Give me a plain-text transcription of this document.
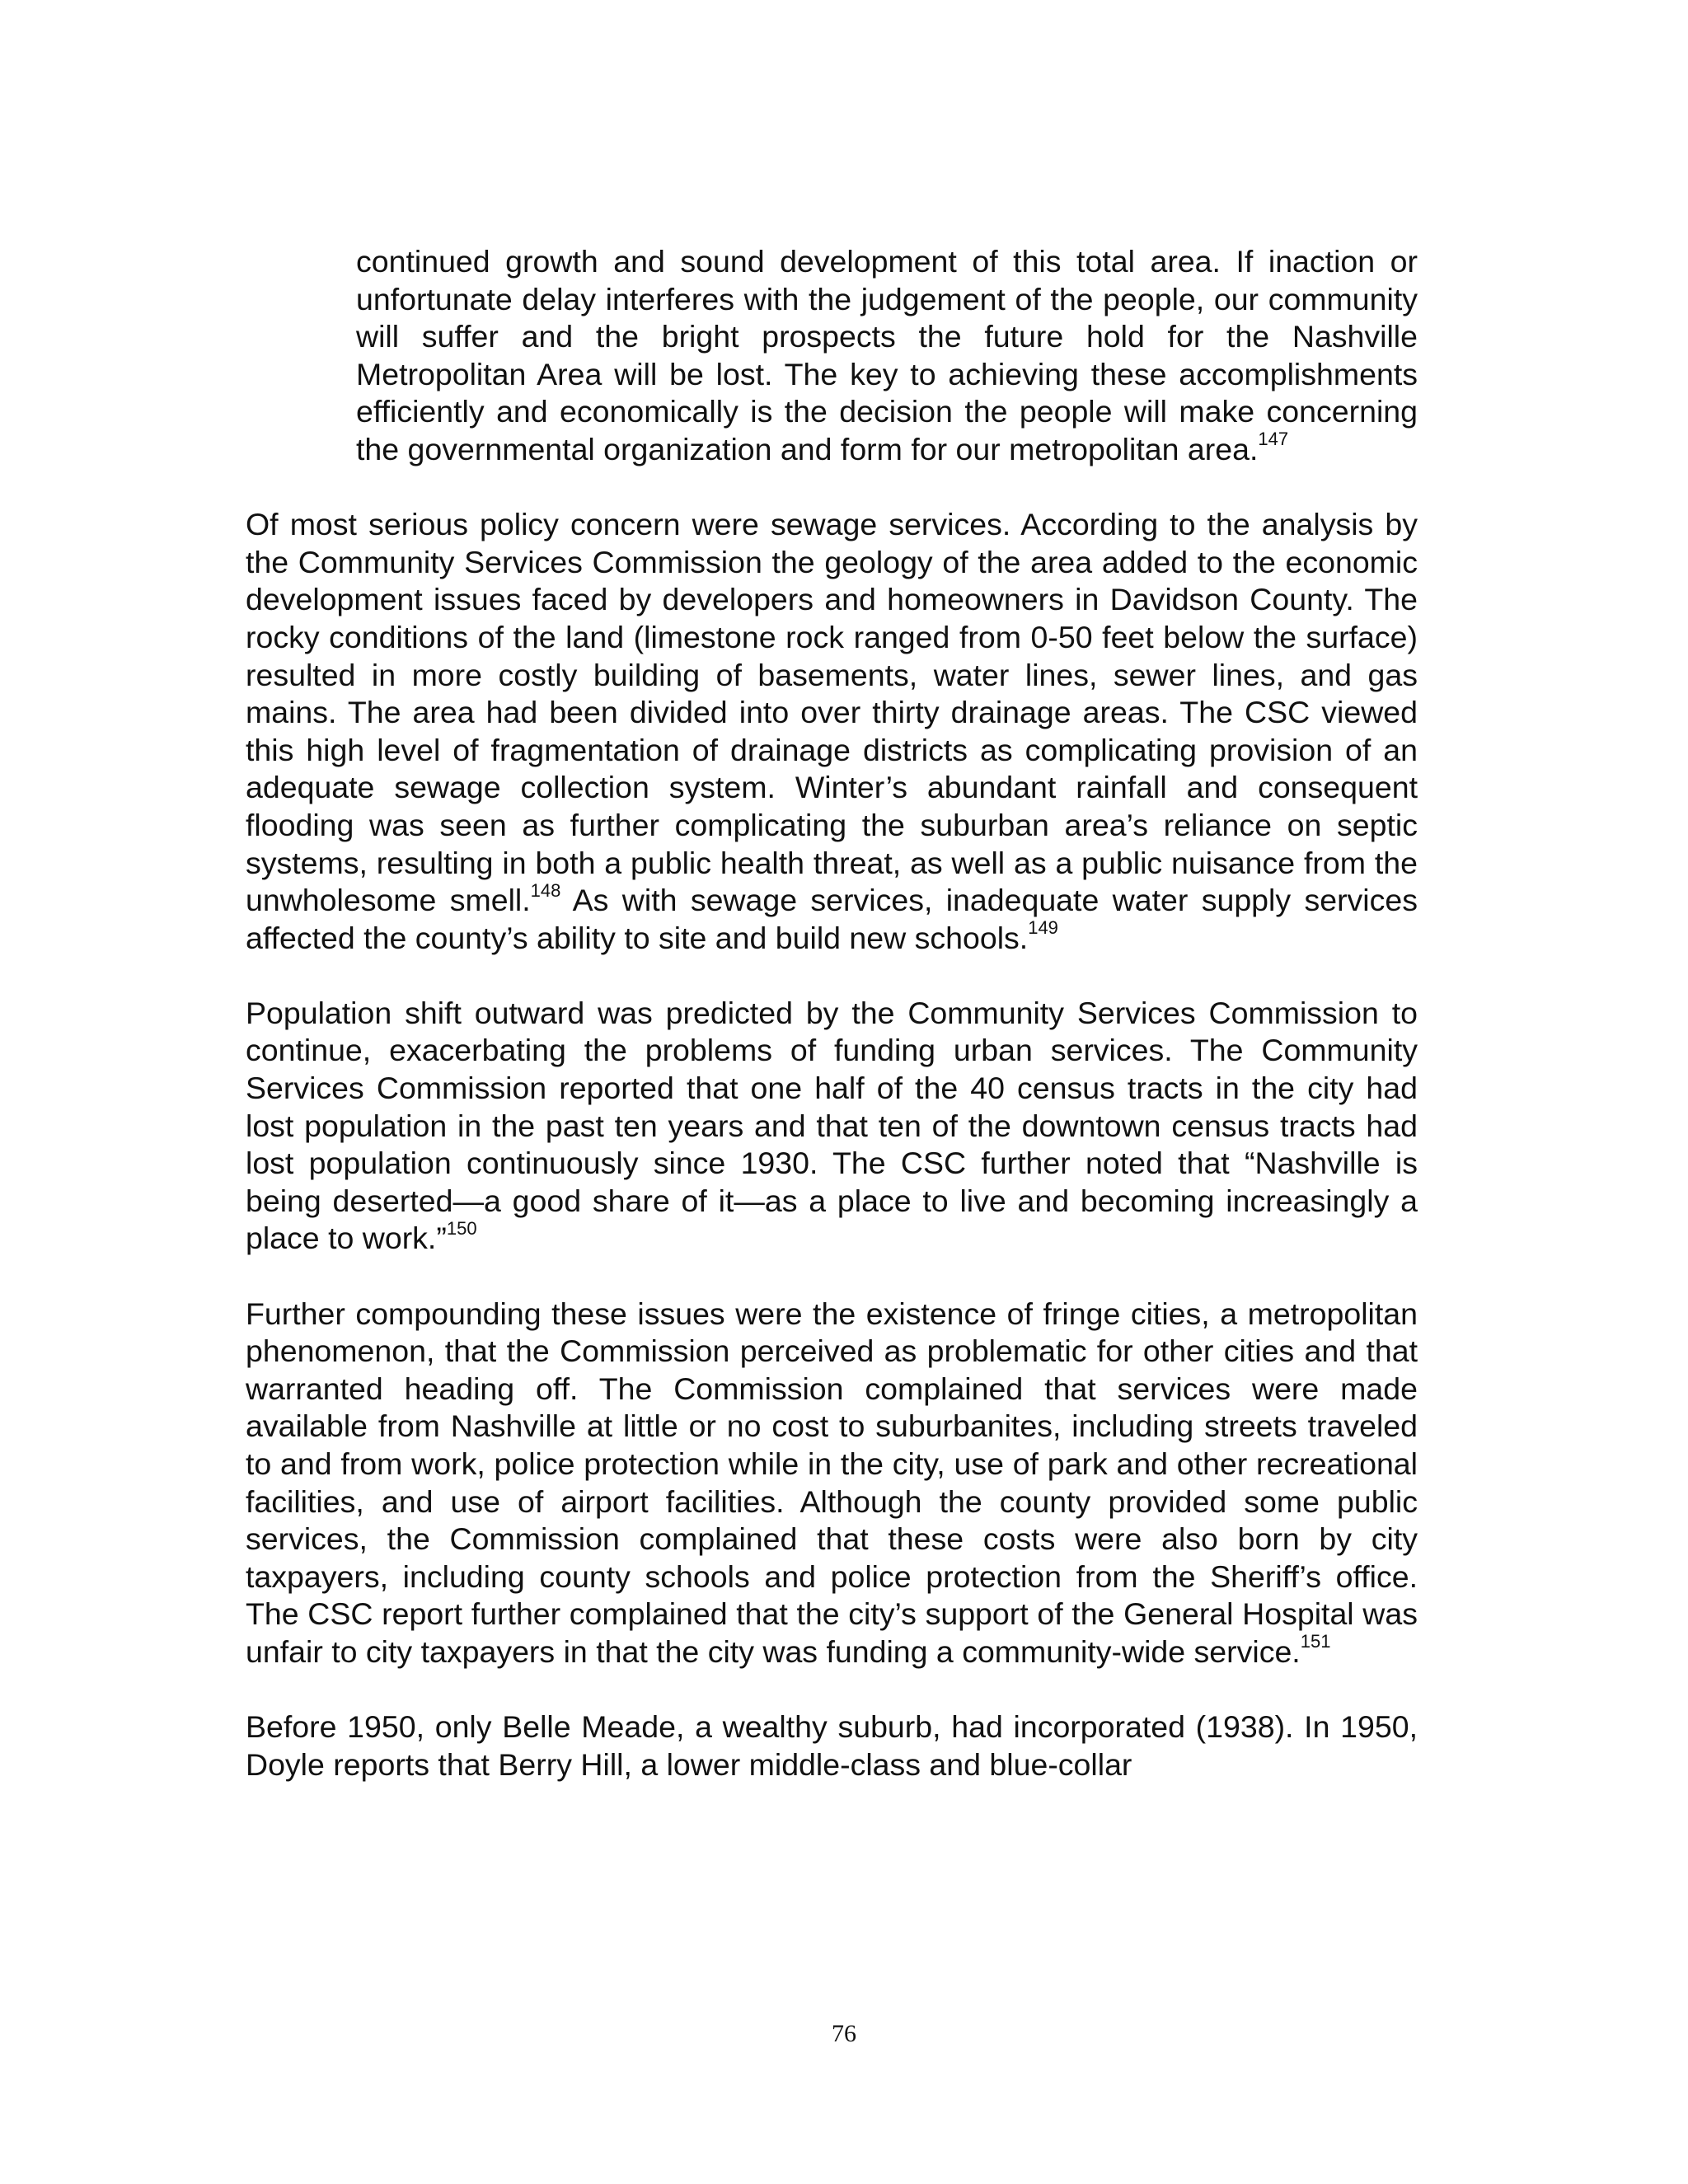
continued growth and sound development of this total area. If inaction or unfortunate delay interferes with the judgement of the people, our community will suffer and the bright prospects the future hold for the Nashville Metropolitan Area will be lost. The key to achieving these accomplishments efficiently and economically is the decision the people will make concerning the governmental organization and form for our metropolitan area.$^{147}$

Of most serious policy concern were sewage services. According to the analysis by the Community Services Commission the geology of the area added to the economic development issues faced by developers and homeowners in Davidson County. The rocky conditions of the land (limestone rock ranged from 0-50 feet below the surface) resulted in more costly building of basements, water lines, sewer lines, and gas mains. The area had been divided into over thirty drainage areas. The CSC viewed this high level of fragmentation of drainage districts as complicating provision of an adequate sewage collection system. Winter’s abundant rainfall and consequent flooding was seen as further complicating the suburban area’s reliance on septic systems, resulting in both a public health threat, as well as a public nuisance from the unwholesome smell.$^{148}$ As with sewage services, inadequate water supply services affected the county’s ability to site and build new schools.$^{149}$

Population shift outward was predicted by the Community Services Commission to continue, exacerbating the problems of funding urban services. The Community Services Commission reported that one half of the 40 census tracts in the city had lost population in the past ten years and that ten of the downtown census tracts had lost population continuously since 1930. The CSC further noted that “Nashville is being deserted—a good share of it—as a place to live and becoming increasingly a place to work.”$^{150}$

Further compounding these issues were the existence of fringe cities, a metropolitan phenomenon, that the Commission perceived as problematic for other cities and that warranted heading off. The Commission complained that services were made available from Nashville at little or no cost to suburbanites, including streets traveled to and from work, police protection while in the city, use of park and other recreational facilities, and use of airport facilities. Although the county provided some public services, the Commission complained that these costs were also born by city taxpayers, including county schools and police protection from the Sheriff’s office. The CSC report further complained that the city’s support of the General Hospital was unfair to city taxpayers in that the city was funding a community-wide service.$^{151}$

Before 1950, only Belle Meade, a wealthy suburb, had incorporated (1938). In 1950, Doyle reports that Berry Hill, a lower middle-class and blue-collar

76
